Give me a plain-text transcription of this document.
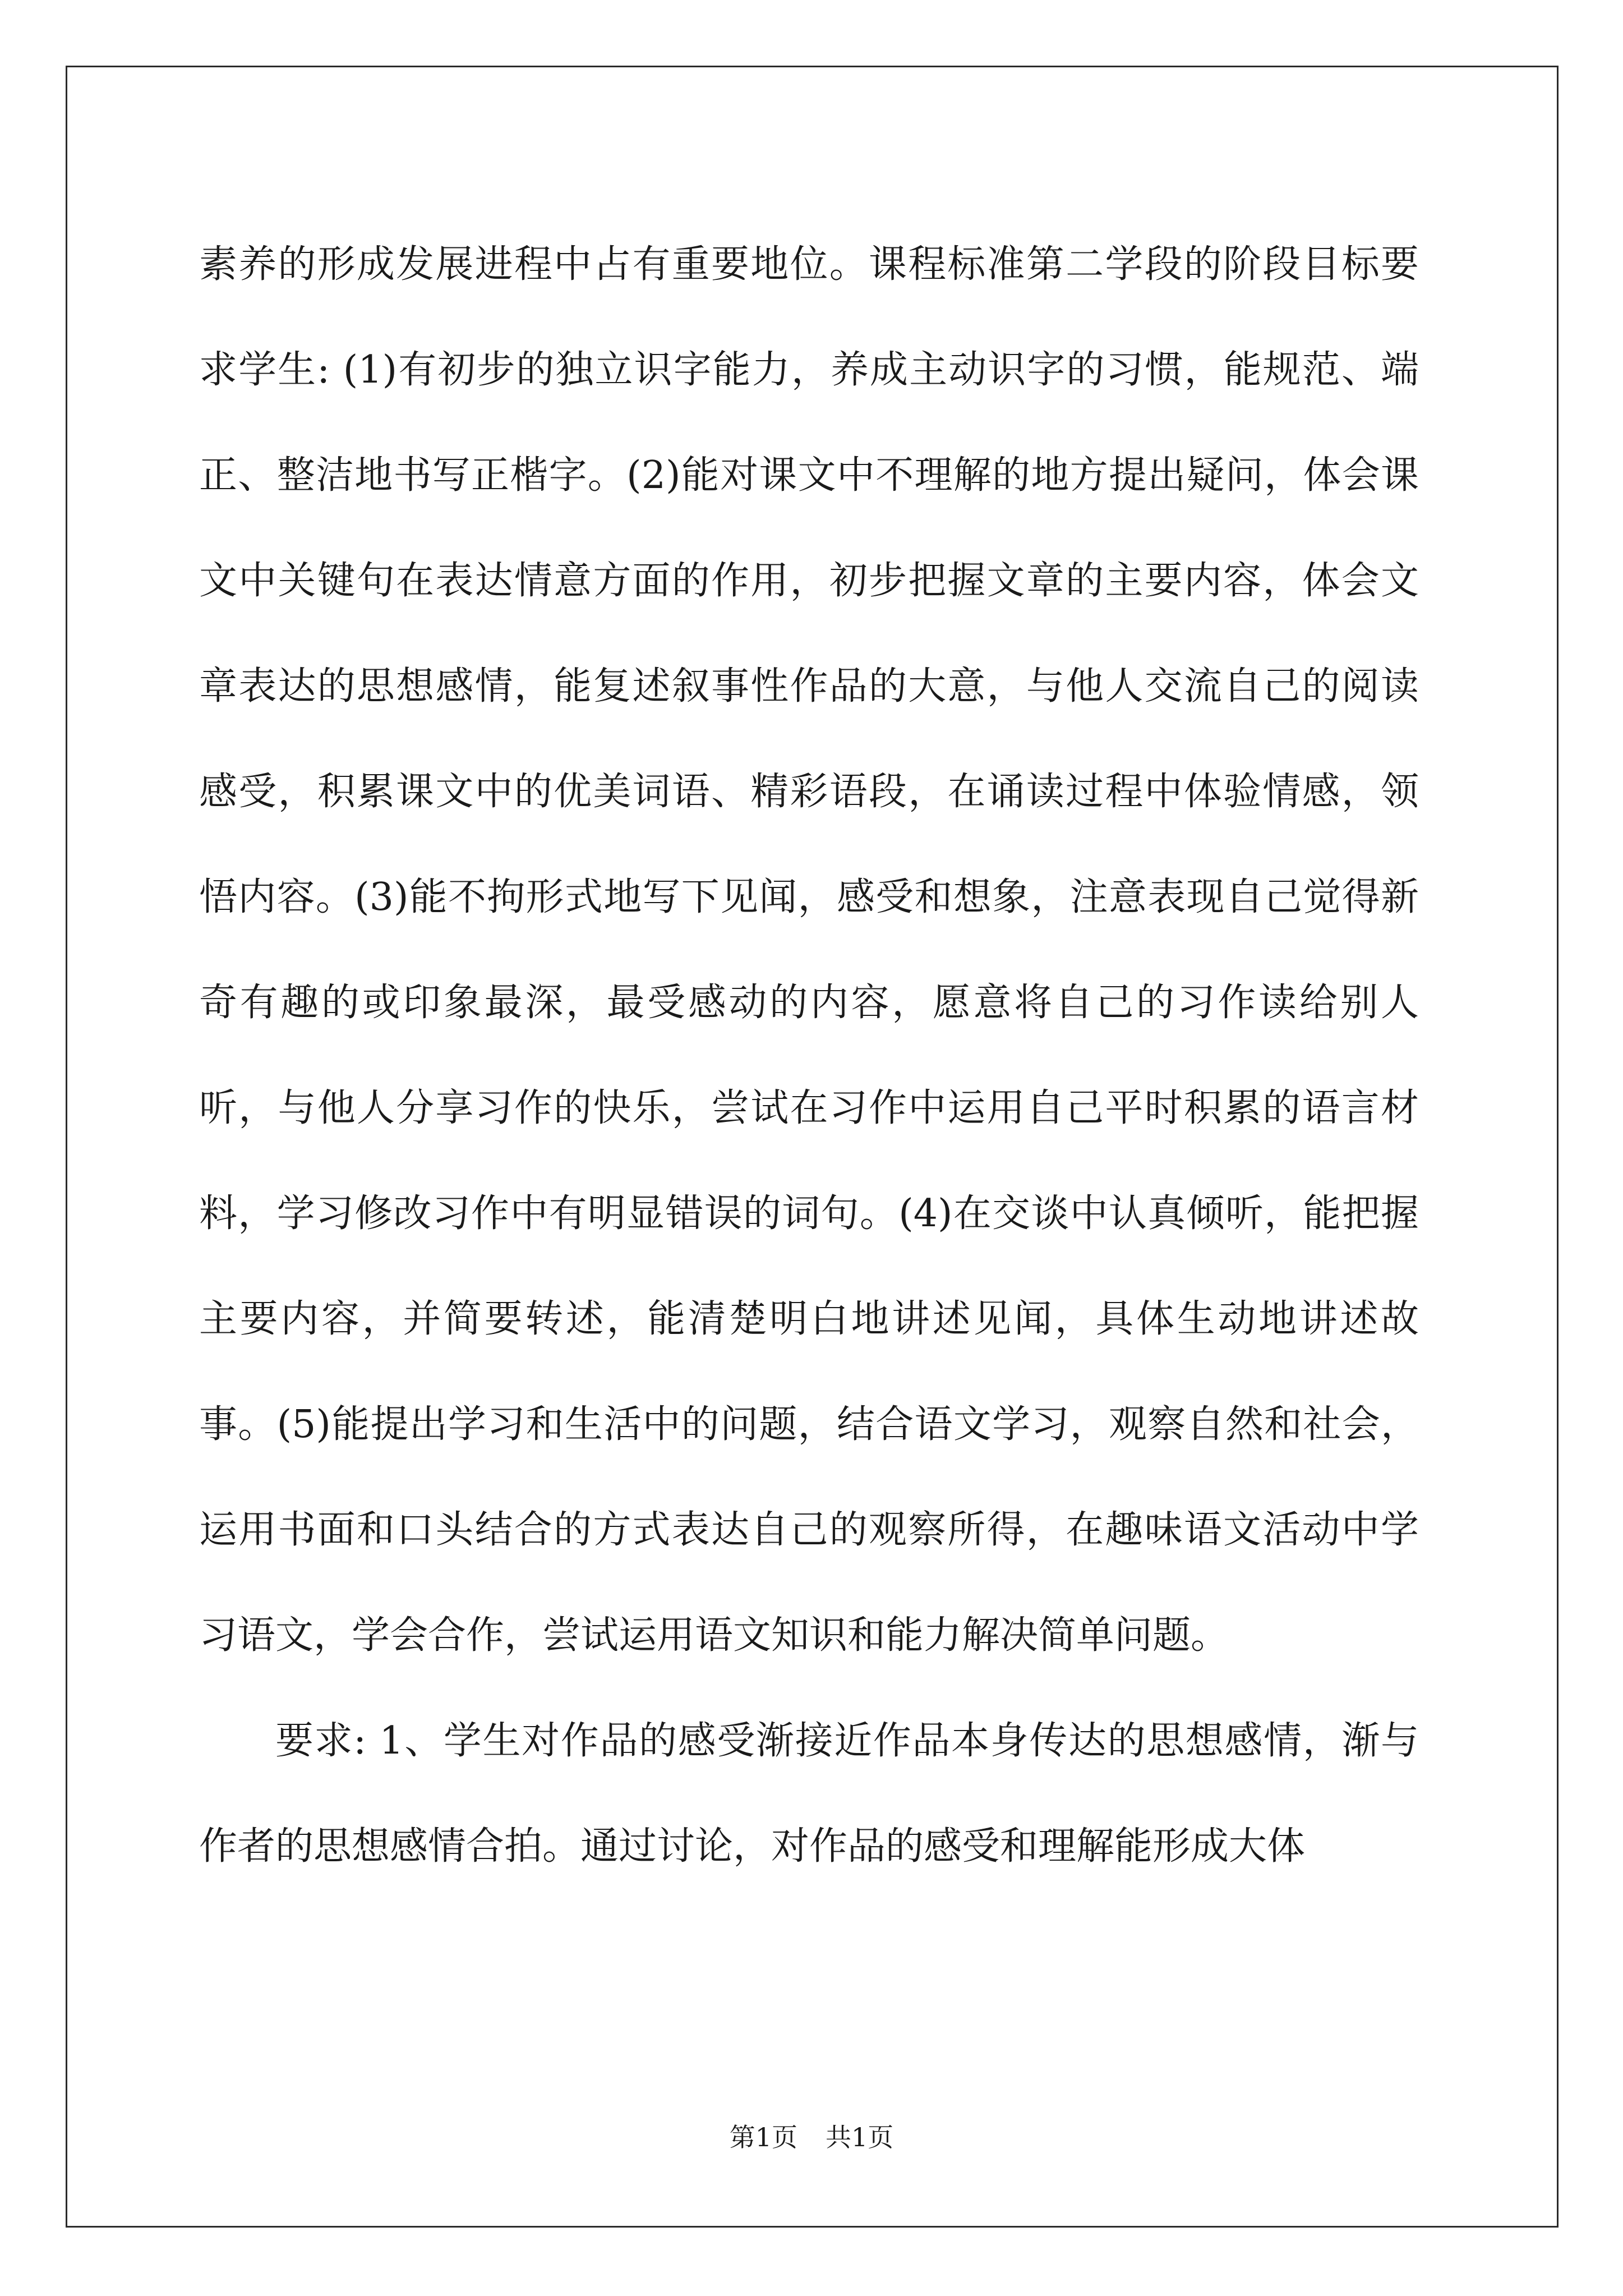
素养的形成发展进程中占有重要地位。课程标准第二学段的阶段目标要求学生: (1)有初步的独立识字能力，养成主动识字的习惯，能规范、端正、整洁地书写正楷字。(2)能对课文中不理解的地方提出疑问，体会课文中关键句在表达情意方面的作用，初步把握文章的主要内容，体会文章表达的思想感情，能复述叙事性作品的大意，与他人交流自己的阅读感受，积累课文中的优美词语、精彩语段，在诵读过程中体验情感，领悟内容。(3)能不拘形式地写下见闻，感受和想象，注意表现自己觉得新奇有趣的或印象最深，最受感动的内容，愿意将自己的习作读给别人听，与他人分享习作的快乐，尝试在习作中运用自己平时积累的语言材料，学习修改习作中有明显错误的词句。(4)在交谈中认真倾听，能把握主要内容，并简要转述，能清楚明白地讲述见闻，具体生动地讲述故事。(5)能提出学习和生活中的问题，结合语文学习，观察自然和社会，运用书面和口头结合的方式表达自己的观察所得，在趣味语文活动中学习语文，学会合作，尝试运用语文知识和能力解决简单问题。

要求: 1、学生对作品的感受渐接近作品本身传达的思想感情，渐与作者的思想感情合拍。通过讨论，对作品的感受和理解能形成大体

第1页 共1页
